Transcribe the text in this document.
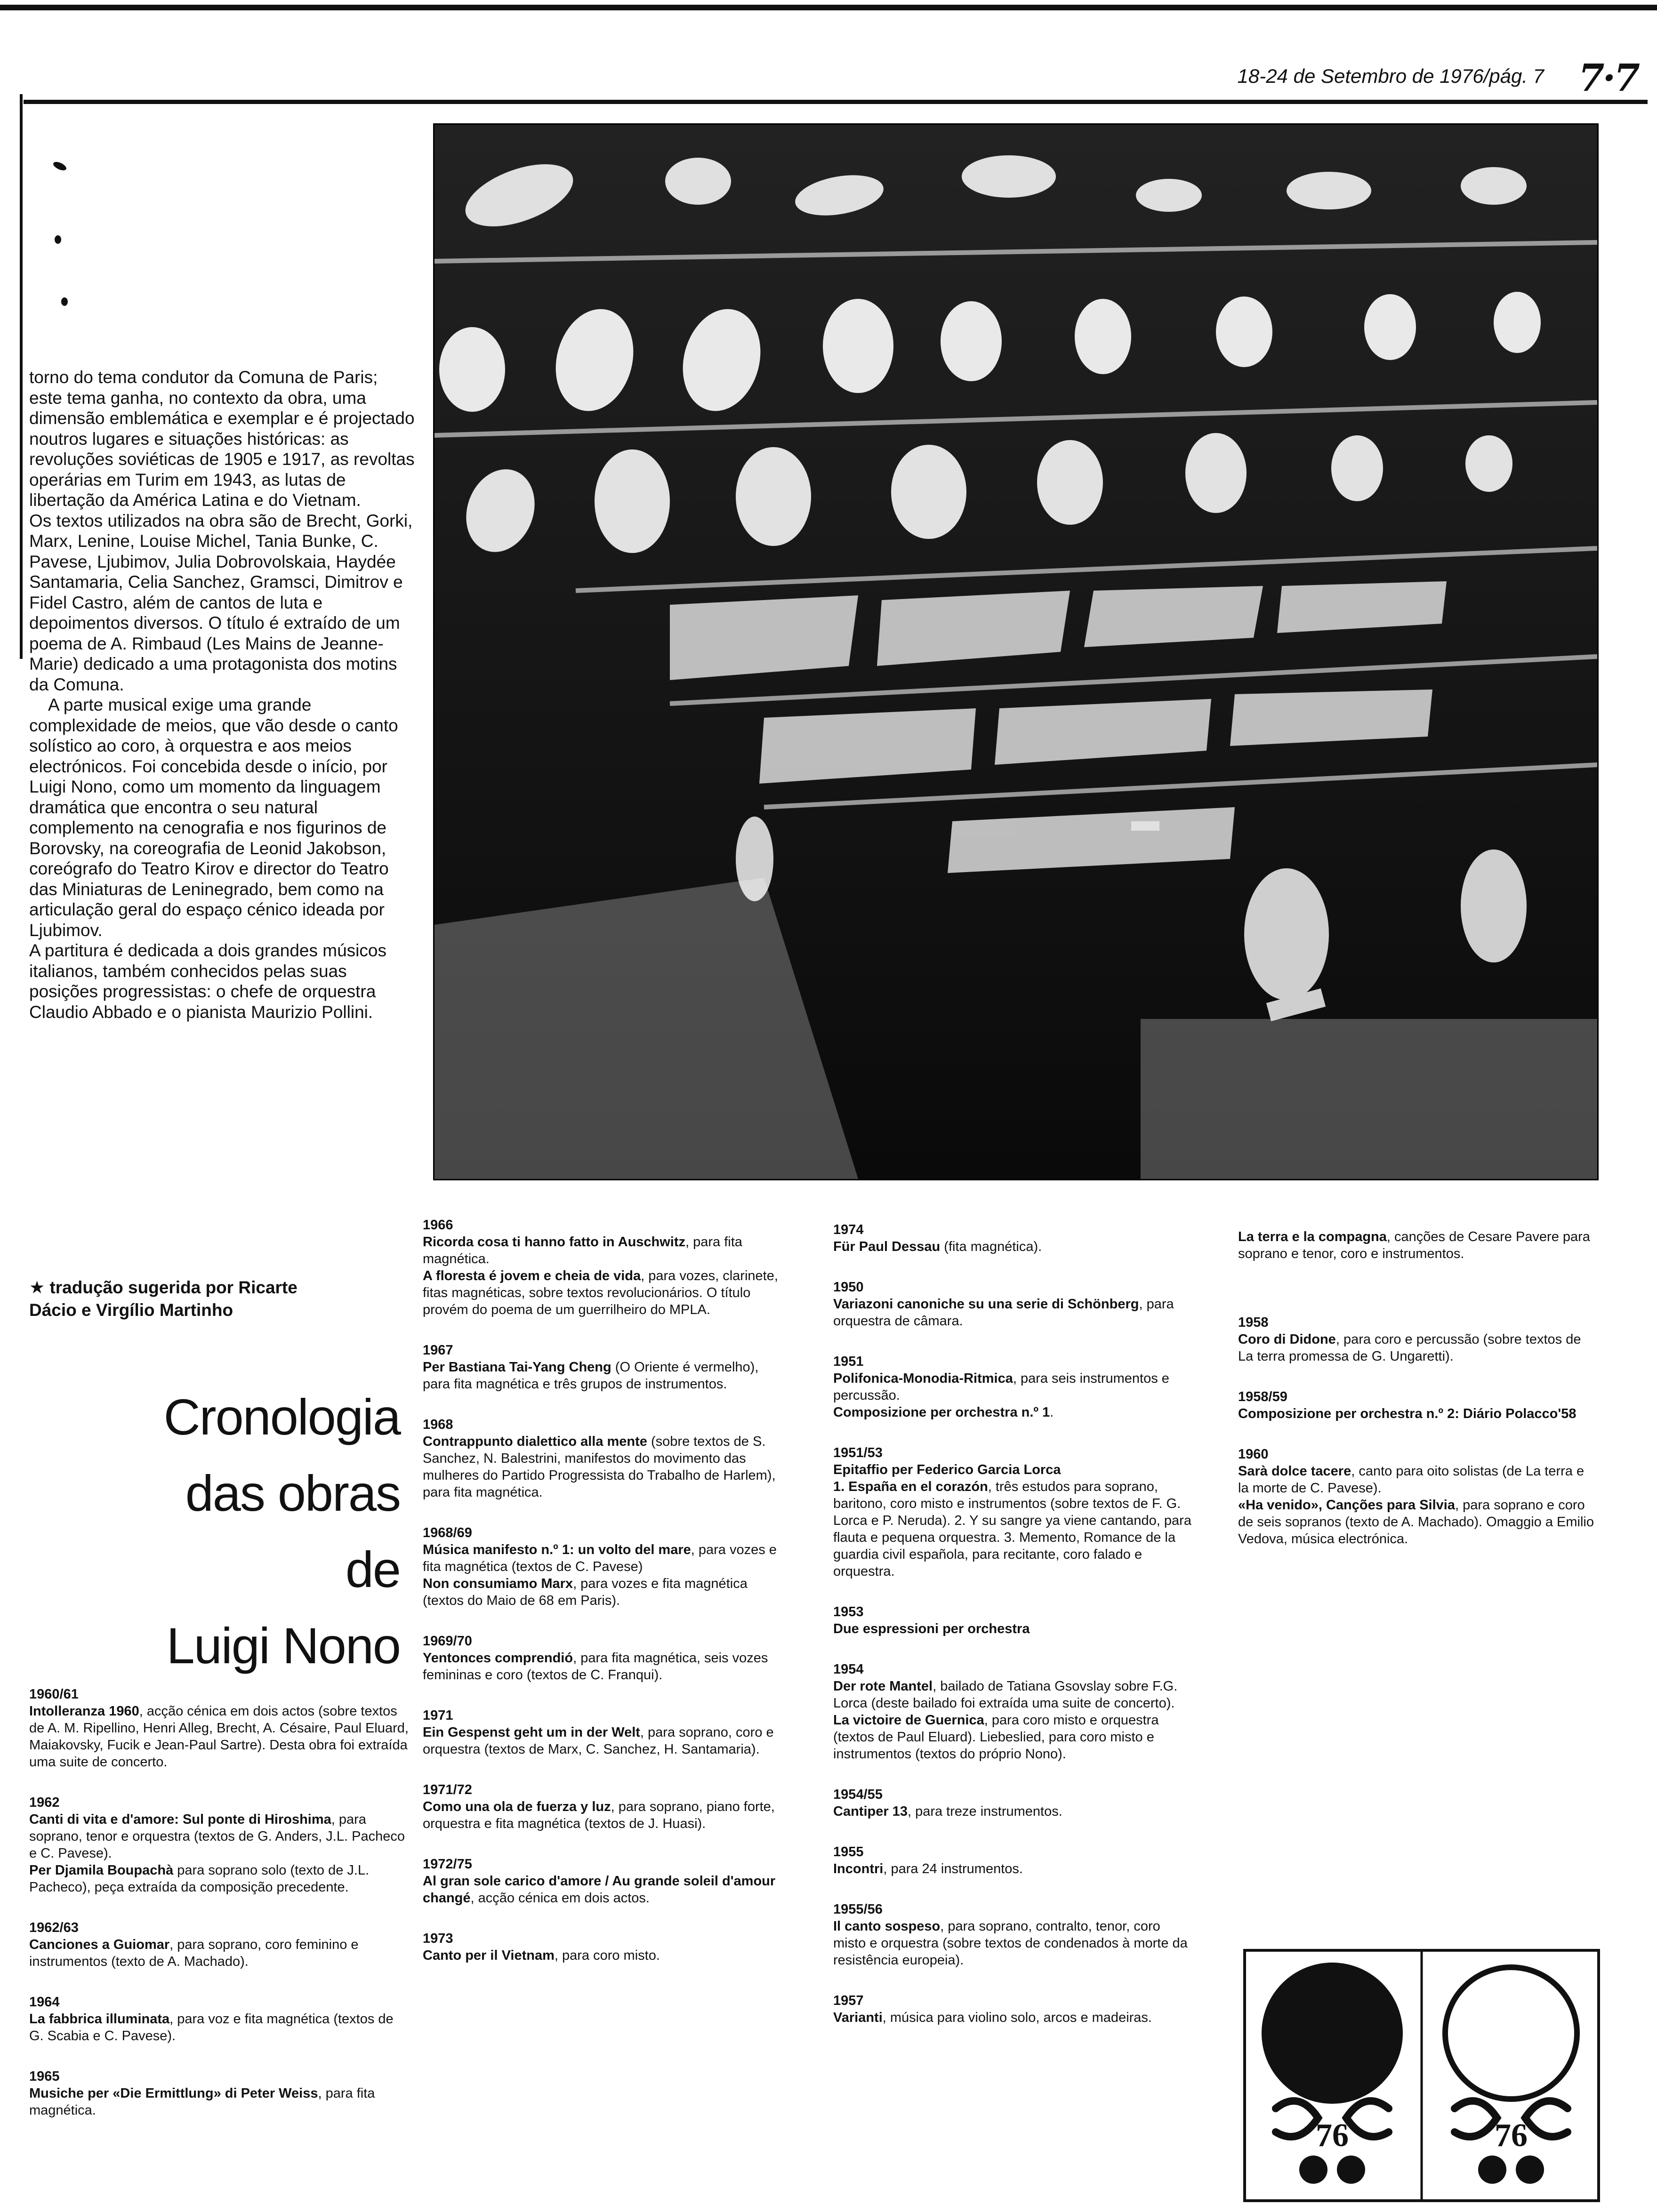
18-24 de Setembro de 1976/pág. 7 7·7

torno do tema condutor da Comuna de Paris; este tema ganha, no contexto da obra, uma dimensão emblemática e exemplar e é projectado noutros lugares e situações históricas: as revoluções soviéticas de 1905 e 1917, as revoltas operárias em Turim em 1943, as lutas de libertação da América Latina e do Vietnam.

Os textos utilizados na obra são de Brecht, Gorki, Marx, Lenine, Louise Michel, Tania Bunke, C. Pavese, Ljubimov, Julia Dobrovolskaia, Haydée Santamaria, Celia Sanchez, Gramsci, Dimitrov e Fidel Castro, além de cantos de luta e depoimentos diversos. O título é extraído de um poema de A. Rimbaud (Les Mains de Jeanne-Marie) dedicado a uma protagonista dos motins da Comuna.

A parte musical exige uma grande complexidade de meios, que vão desde o canto solístico ao coro, à orquestra e aos meios electrónicos. Foi concebida desde o início, por Luigi Nono, como um momento da linguagem dramática que encontra o seu natural complemento na cenografia e nos figurinos de Borovsky, na coreografia de Leonid Jakobson, coreógrafo do Teatro Kirov e director do Teatro das Miniaturas de Leninegrado, bem como na articulação geral do espaço cénico ideada por Ljubimov.

A partitura é dedicada a dois grandes músicos italianos, também conhecidos pelas suas posições progressistas: o chefe de orquestra Claudio Abbado e o pianista Maurizio Pollini.

★ tradução sugerida por Ricarte
Dácio e Virgílio Martinho
Cronologia
das obras
de
Luigi Nono
1960/61
Intolleranza 1960, acção cénica em dois actos (sobre textos de A. M. Ripellino, Henri Alleg, Brecht, A. Césaire, Paul Eluard, Maiakovsky, Fucik e Jean-Paul Sartre). Desta obra foi extraída uma suite de concerto.
1962
Canti di vita e d'amore: Sul ponte di Hiroshima, para soprano, tenor e orquestra (textos de G. Anders, J.L. Pacheco e C. Pavese).
Per Djamila Boupachà para soprano solo (texto de J.L. Pacheco), peça extraída da composição precedente.
1962/63
Canciones a Guiomar, para soprano, coro feminino e instrumentos (texto de A. Machado).
1964
La fabbrica illuminata, para voz e fita magnética (textos de G. Scabia e C. Pavese).
1965
Musiche per «Die Ermittlung» di Peter Weiss, para fita magnética.
1966
Ricorda cosa ti hanno fatto in Auschwitz, para fita magnética.
A floresta é jovem e cheia de vida, para vozes, clarinete, fitas magnéticas, sobre textos revolucionários. O título provém do poema de um guerrilheiro do MPLA.
1967
Per Bastiana Tai-Yang Cheng (O Oriente é vermelho), para fita magnética e três grupos de instrumentos.
1968
Contrappunto dialettico alla mente (sobre textos de S. Sanchez, N. Balestrini, manifestos do movimento das mulheres do Partido Progressista do Trabalho de Harlem), para fita magnética.
1968/69
Música manifesto n.º 1: un volto del mare, para vozes e fita magnética (textos de C. Pavese)
Non consumiamo Marx, para vozes e fita magnética (textos do Maio de 68 em Paris).
1969/70
Yentonces comprendió, para fita magnética, seis vozes femininas e coro (textos de C. Franqui).
1971
Ein Gespenst geht um in der Welt, para soprano, coro e orquestra (textos de Marx, C. Sanchez, H. Santamaria).
1971/72
Como una ola de fuerza y luz, para soprano, piano forte, orquestra e fita magnética (textos de J. Huasi).
1972/75
Al gran sole carico d'amore / Au grande soleil d'amour changé, acção cénica em dois actos.
1973
Canto per il Vietnam, para coro misto.
1974
Für Paul Dessau (fita magnética).
1950
Variazoni canoniche su una serie di Schönberg, para orquestra de câmara.
1951
Polifonica-Monodia-Ritmica, para seis instrumentos e percussão.
Composizione per orchestra n.º 1.
1951/53
Epitaffio per Federico Garcia Lorca
1. España en el corazón, três estudos para soprano, baritono, coro misto e instrumentos (sobre textos de F. G. Lorca e P. Neruda). 2. Y su sangre ya viene cantando, para flauta e pequena orquestra. 3. Memento, Romance de la guardia civil española, para recitante, coro falado e orquestra.
1953
Due espressioni per orchestra
1954
Der rote Mantel, bailado de Tatiana Gsovslay sobre F.G. Lorca (deste bailado foi extraída uma suite de concerto).
La victoire de Guernica, para coro misto e orquestra (textos de Paul Eluard). Liebeslied, para coro misto e instrumentos (textos do próprio Nono).
1954/55
Cantiper 13, para treze instrumentos.
1955
Incontri, para 24 instrumentos.
1955/56
Il canto sospeso, para soprano, contralto, tenor, coro misto e orquestra (sobre textos de condenados à morte da resistência europeia).
1957
Varianti, música para violino solo, arcos e madeiras.
La terra e la compagna, canções de Cesare Pavere para soprano e tenor, coro e instrumentos.
1958
Coro di Didone, para coro e percussão (sobre textos de La terra promessa de G. Ungaretti).
1958/59
Composizione per orchestra n.º 2: Diário Polacco'58
1960
Sarà dolce tacere, canto para oito solistas (de La terra e la morte de C. Pavese).
«Ha venido», Canções para Silvia, para soprano e coro de seis sopranos (texto de A. Machado). Omaggio a Emilio Vedova, música electrónica.
76	76
